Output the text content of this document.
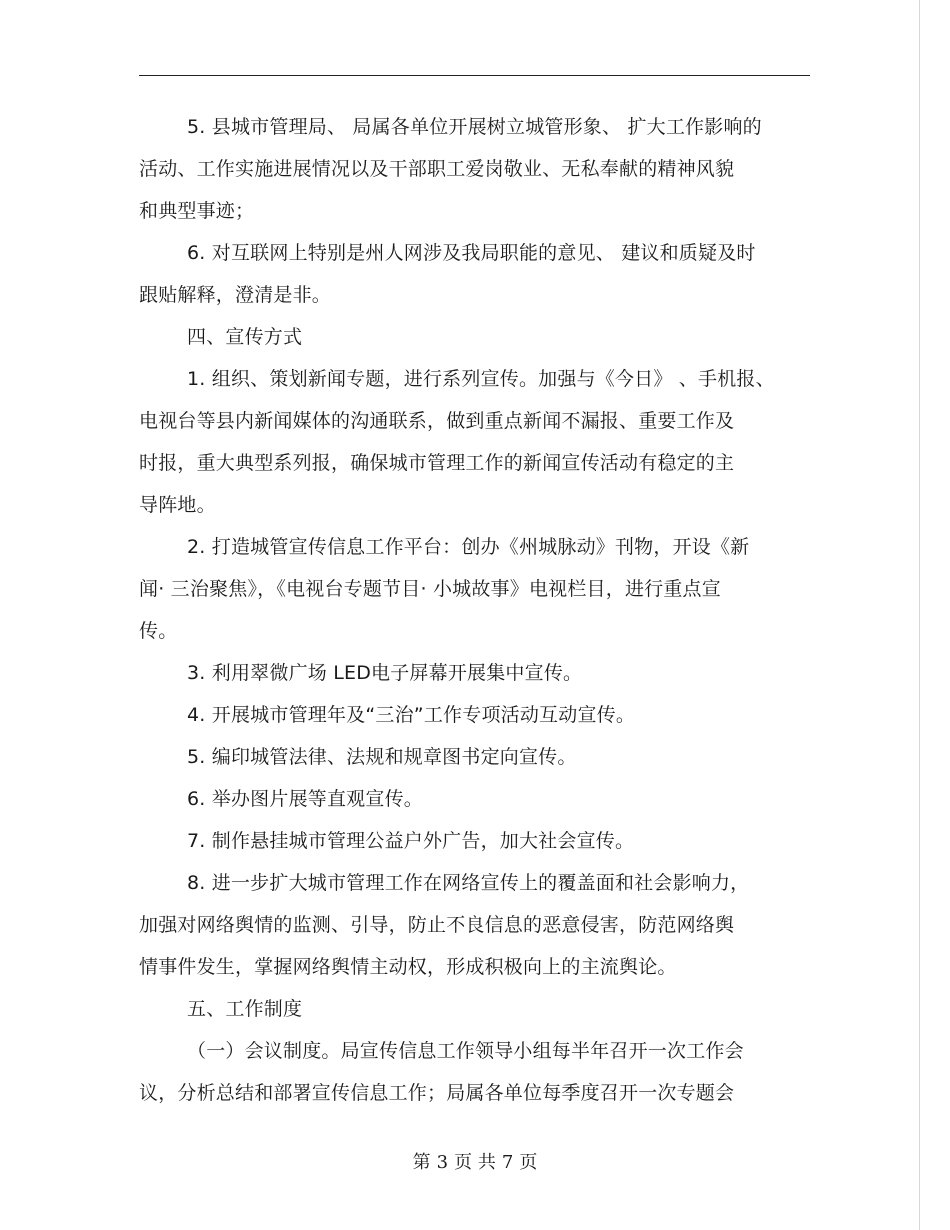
5. 县城市管理局、 局属各单位开展树立城管形象、 扩大工作影响的
活动、工作实施进展情况以及干部职工爱岗敬业、无私奉献的精神风貌
和典型事迹；
6. 对互联网上特别是州人网涉及我局职能的意见、 建议和质疑及时
跟贴解释，澄清是非。
四、宣传方式
1. 组织、策划新闻专题，进行系列宣传。加强与《今日》 、手机报、
电视台等县内新闻媒体的沟通联系，做到重点新闻不漏报、重要工作及
时报，重大典型系列报，确保城市管理工作的新闻宣传活动有稳定的主
导阵地。
2. 打造城管宣传信息工作平台：创办《州城脉动》刊物，开设《新
闻· 三治聚焦》，《电视台专题节目· 小城故事》电视栏目，进行重点宣
传。
3. 利用翠微广场 LED电子屏幕开展集中宣传。
4. 开展城市管理年及“三治”工作专项活动互动宣传。
5. 编印城管法律、法规和规章图书定向宣传。
6. 举办图片展等直观宣传。
7. 制作悬挂城市管理公益户外广告，加大社会宣传。
8. 进一步扩大城市管理工作在网络宣传上的覆盖面和社会影响力，
加强对网络舆情的监测、引导，防止不良信息的恶意侵害，防范网络舆
情事件发生，掌握网络舆情主动权，形成积极向上的主流舆论。
五、工作制度
（一）会议制度。局宣传信息工作领导小组每半年召开一次工作会
议，分析总结和部署宣传信息工作；局属各单位每季度召开一次专题会
第 3 页 共 7 页
